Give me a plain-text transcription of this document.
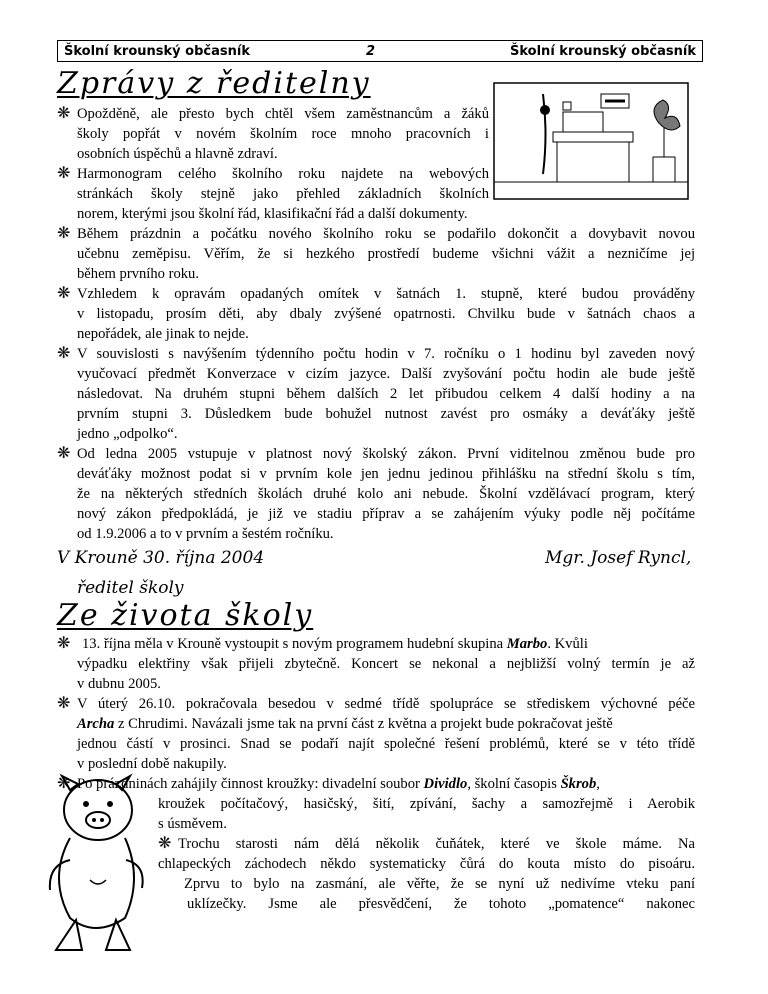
Školní krounský občasník	2	Školní krounský občasník
Zprávy z ředitelny
❋ Opožděně, ale přesto bych chtěl všem zaměstnancům a žáků
školy popřát v novém školním roce mnoho pracovních i
osobních úspěchů a hlavně zdraví.
❋ Harmonogram celého školního roku najdete na webových
stránkách školy stejně jako přehled základních školních
norem, kterými jsou školní řád, klasifikační řád a další dokumenty.
❋ Během prázdnin a počátku nového školního roku se podařilo dokončit a dovybavit novou
učebnu zeměpisu. Věřím, že si hezkého prostředí budeme všichni vážit a nezničíme jej
během prvního roku.
❋ Vzhledem k opravám opadaných omítek v šatnách 1. stupně, které budou prováděny
v listopadu, prosím děti, aby dbaly zvýšené opatrnosti. Chvilku bude v šatnách chaos a
nepořádek, ale jinak to nejde.
❋ V souvislosti s navýšením týdenního počtu hodin v 7. ročníku o 1 hodinu byl zaveden nový
vyučovací předmět Konverzace v cizím jazyce. Další zvyšování počtu hodin ale bude ještě
následovat. Na druhém stupni během dalších 2 let přibudou celkem 4 další hodiny a na
prvním stupni 3. Důsledkem bude bohužel nutnost zavést pro osmáky a deváťáky ještě
jedno „odpolko“.
❋ Od ledna 2005 vstupuje v platnost nový školský zákon. První viditelnou změnou bude pro
deváťáky možnost podat si v prvním kole jen jednu jedinou přihlášku na střední školu s tím,
že na některých středních školách druhé kolo ani nebude. Školní vzdělávací program, který
nový zákon předpokládá, je již ve stadiu příprav a se zahájením výuky podle něj počítáme
od 1.9.2006 a to v prvním a šestém ročníku.
V Krouně 30. října 2004	Mgr. Josef Ryncl,
ředitel školy
Ze života školy
❋ 13. října měla v Krouně vystoupit s novým programem hudební skupina Marbo. Kvůli
výpadku elektřiny však přijeli zbytečně. Koncert se nekonal a nejbližší volný termín je až
v dubnu 2005.
❋ V úterý 26.10. pokračovala besedou v sedmé třídě spolupráce se střediskem výchovné péče
Archa z Chrudimi. Navázali jsme tak na první část z května a projekt bude pokračovat ještě
jednou částí v prosinci. Snad se podaří najít společné řešení problémů, které se v této třídě
v poslední době nakupily.
❋ Po prázdninách zahájily činnost kroužky: divadelní soubor Dividlo, školní časopis Škrob,
kroužek počítačový, hasičský, šití, zpívání, šachy a samozřejmě i Aerobik
s úsměvem.
❋ Trochu starosti nám dělá několik čuňátek, které ve škole máme. Na
chlapeckých záchodech někdo systematicky čůrá do kouta místo do pisoáru.
Zprvu to bylo na zasmání, ale věřte, že se nyní už nedivíme vteku paní
uklízečky. Jsme ale přesvědčení, že tohoto „pomatence“ nakonec
